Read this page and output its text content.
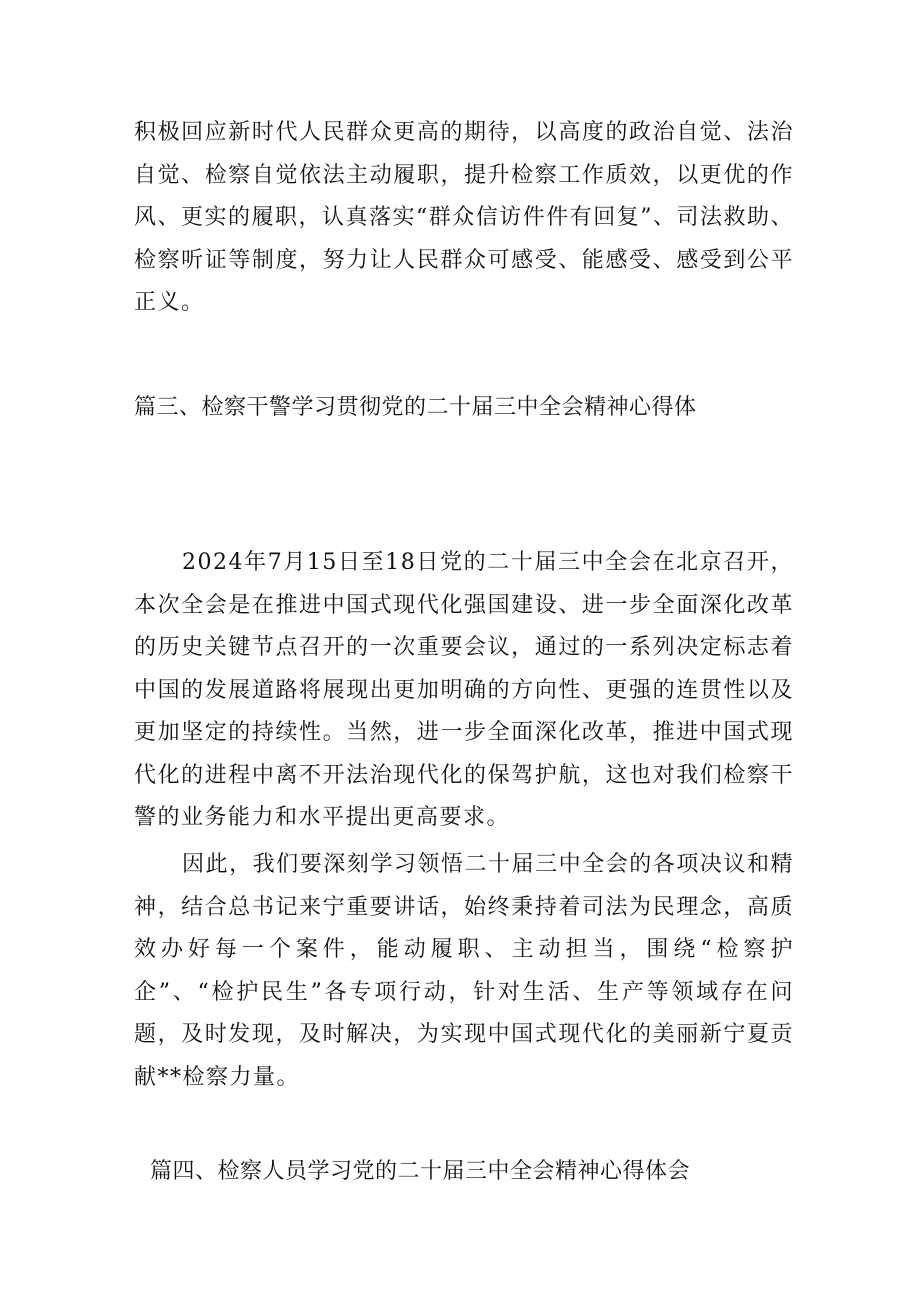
积极回应新时代人民群众更高的期待，以高度的政治自觉、法治自觉、检察自觉依法主动履职，提升检察工作质效，以更优的作风、更实的履职，认真落实“群众信访件件有回复”、司法救助、检察听证等制度，努力让人民群众可感受、能感受、感受到公平正义。

篇三、检察干警学习贯彻党的二十届三中全会精神心得体

2024年7月15日至18日党的二十届三中全会在北京召开，本次全会是在推进中国式现代化强国建设、进一步全面深化改革的历史关键节点召开的一次重要会议，通过的一系列决定标志着中国的发展道路将展现出更加明确的方向性、更强的连贯性以及更加坚定的持续性。当然，进一步全面深化改革，推进中国式现代化的进程中离不开法治现代化的保驾护航，这也对我们检察干警的业务能力和水平提出更高要求。

因此，我们要深刻学习领悟二十届三中全会的各项决议和精神，结合总书记来宁重要讲话，始终秉持着司法为民理念，高质效办好每一个案件，能动履职、主动担当，围绕“检察护企”、“检护民生”各专项行动，针对生活、生产等领域存在问题，及时发现，及时解决，为实现中国式现代化的美丽新宁夏贡献**检察力量。

篇四、检察人员学习党的二十届三中全会精神心得体会
